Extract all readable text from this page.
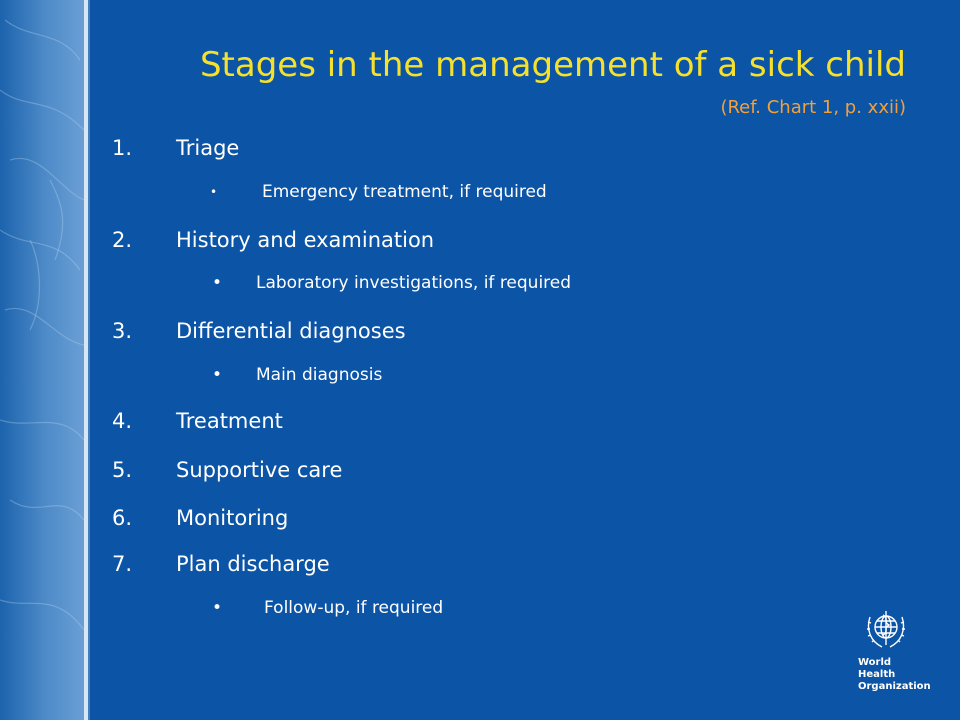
Stages in the management of a sick child
(Ref. Chart 1, p. xxii)
1. Triage
•	Emergency treatment, if required
2. History and examination
• Laboratory investigations, if required
3. Differential diagnoses
• Main diagnosis
4. Treatment
5. Supportive care
6. Monitoring
7. Plan discharge
• Follow-up, if required
World Health
Organization
